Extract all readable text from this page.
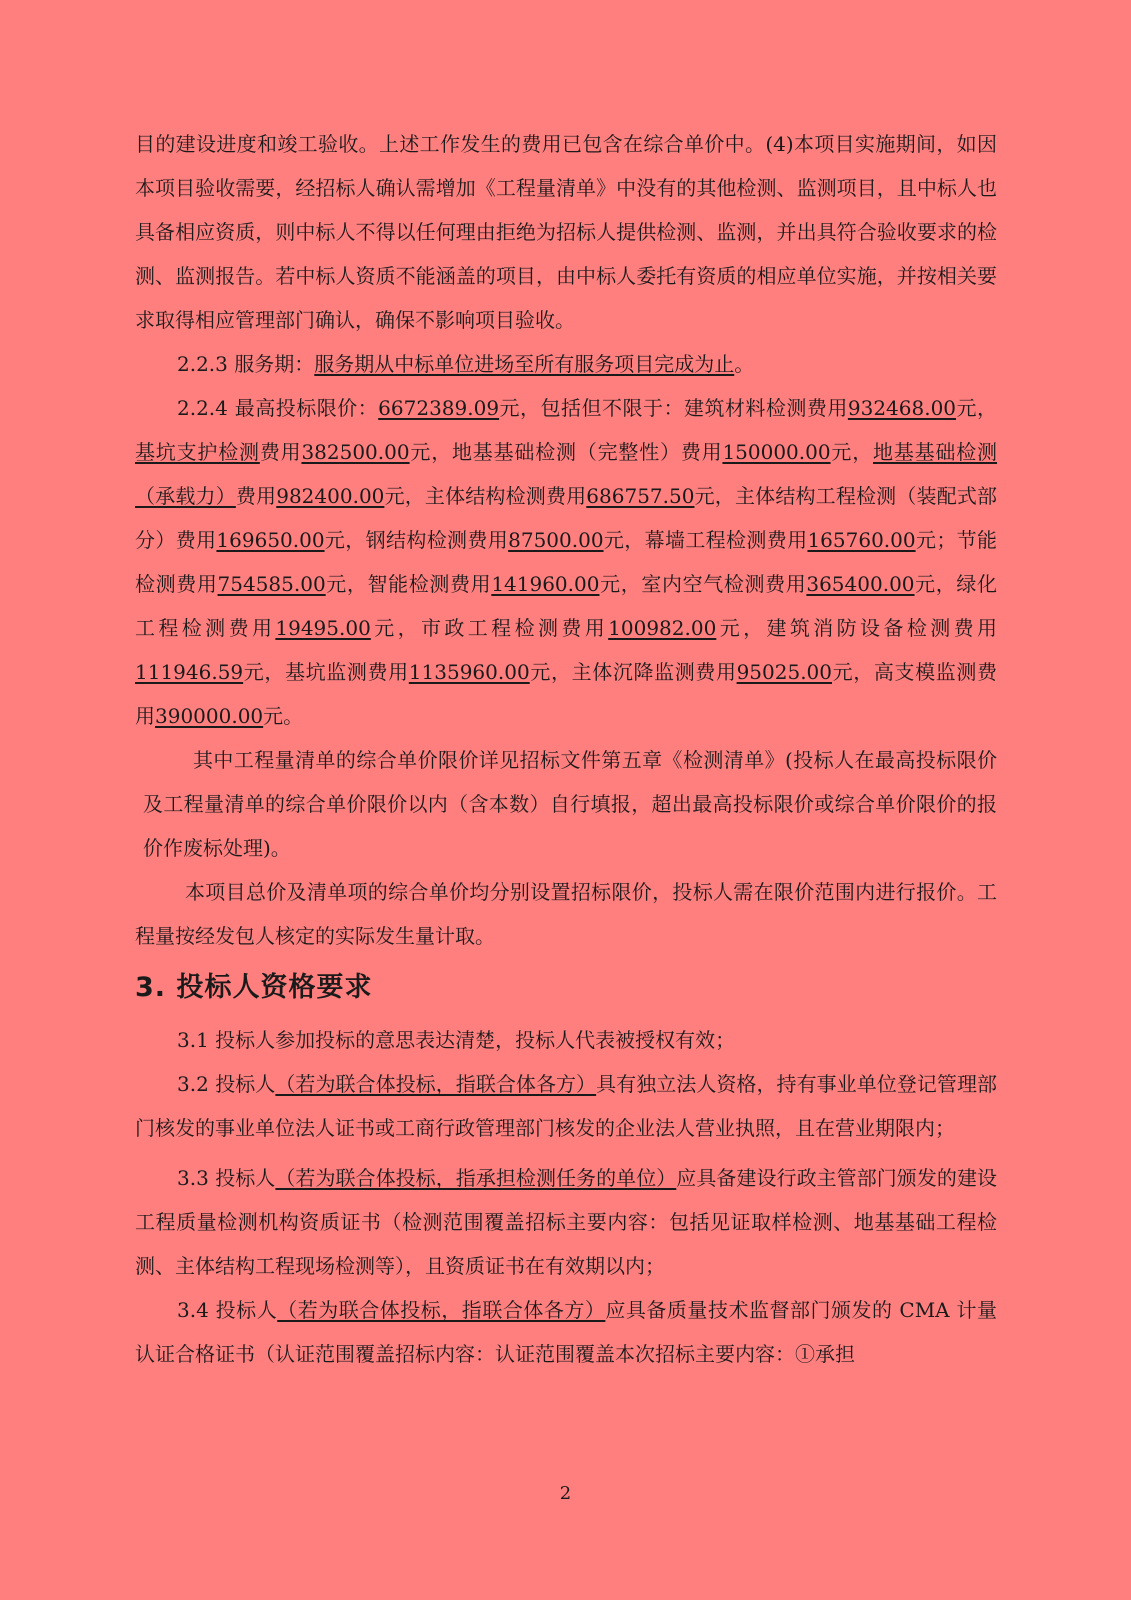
目的建设进度和竣工验收。上述工作发生的费用已包含在综合单价中。(4)本项目实施期间，如因本项目验收需要，经招标人确认需增加《工程量清单》中没有的其他检测、监测项目，且中标人也具备相应资质，则中标人不得以任何理由拒绝为招标人提供检测、监测，并出具符合验收要求的检测、监测报告。若中标人资质不能涵盖的项目，由中标人委托有资质的相应单位实施，并按相关要求取得相应管理部门确认，确保不影响项目验收。

2.2.3 服务期：服务期从中标单位进场至所有服务项目完成为止。

2.2.4 最高投标限价：6672389.09元，包括但不限于：建筑材料检测费用932468.00元，基坑支护检测费用382500.00元，地基基础检测（完整性）费用150000.00元，地基基础检测（承载力）费用982400.00元，主体结构检测费用686757.50元，主体结构工程检测（装配式部分）费用169650.00元，钢结构检测费用87500.00元，幕墙工程检测费用165760.00元；节能检测费用754585.00元，智能检测费用141960.00元，室内空气检测费用365400.00元，绿化工程检测费用19495.00元，市政工程检测费用100982.00元，建筑消防设备检测费用111946.59元，基坑监测费用1135960.00元，主体沉降监测费用95025.00元，高支模监测费用390000.00元。

其中工程量清单的综合单价限价详见招标文件第五章《检测清单》(投标人在最高投标限价及工程量清单的综合单价限价以内（含本数）自行填报，超出最高投标限价或综合单价限价的报价作废标处理)。

本项目总价及清单项的综合单价均分别设置招标限价，投标人需在限价范围内进行报价。工程量按经发包人核定的实际发生量计取。

3. 投标人资格要求

3.1 投标人参加投标的意思表达清楚，投标人代表被授权有效；

3.2 投标人（若为联合体投标，指联合体各方）具有独立法人资格，持有事业单位登记管理部门核发的事业单位法人证书或工商行政管理部门核发的企业法人营业执照，且在营业期限内；

3.3 投标人（若为联合体投标，指承担检测任务的单位）应具备建设行政主管部门颁发的建设工程质量检测机构资质证书（检测范围覆盖招标主要内容：包括见证取样检测、地基基础工程检测、主体结构工程现场检测等），且资质证书在有效期以内；

3.4 投标人（若为联合体投标，指联合体各方）应具备质量技术监督部门颁发的 CMA 计量认证合格证书（认证范围覆盖招标内容：认证范围覆盖本次招标主要内容：①承担

2
